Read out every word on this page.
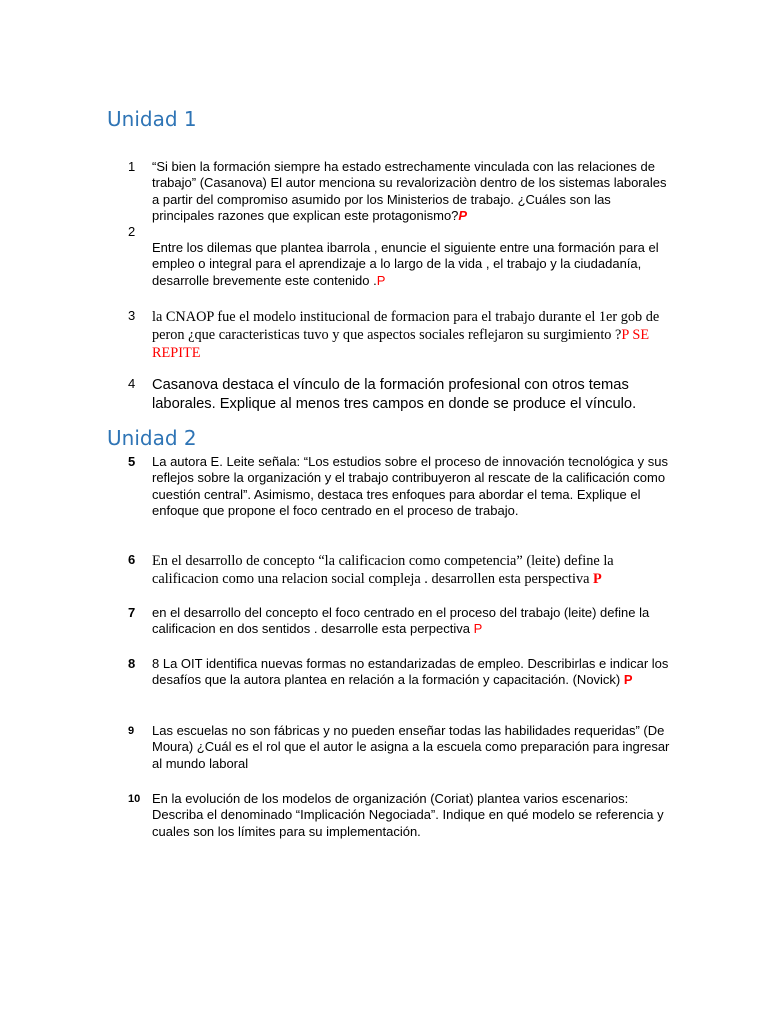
Unidad 1
1 “Si bien la formación siempre ha estado estrechamente vinculada con las relaciones de trabajo” (Casanova) El autor menciona su revalorizaciòn dentro de los sistemas laborales a partir del compromiso asumido por los Ministerios de trabajo. ¿Cuáles son las principales razones que explican este protagonismo?P
2
Entre los dilemas que plantea ibarrola , enuncie el siguiente entre una formación para el empleo o integral para el aprendizaje a lo largo de la vida , el trabajo y la ciudadanía, desarrolle brevemente este contenido .P
3 la CNAOP fue el modelo institucional de formacion para el trabajo durante el 1er gob de peron ¿que caracteristicas tuvo y que aspectos sociales reflejaron su surgimiento ?P SE REPITE
4 Casanova destaca el vínculo de la formación profesional con otros temas laborales. Explique al menos tres campos en donde se produce el vínculo.
Unidad 2
5 La autora E. Leite señala: “Los estudios sobre el proceso de innovación tecnológica y sus reflejos sobre la organización y el trabajo contribuyeron al rescate de la calificación como cuestión central”. Asimismo, destaca tres enfoques para abordar el tema. Explique el enfoque que propone el foco centrado en el proceso de trabajo.
6 En el desarrollo de concepto “la calificacion como competencia” (leite) define la calificacion como una relacion social compleja . desarrollen esta perspectiva P
7 en el desarrollo del concepto el foco centrado en el proceso del trabajo (leite) define la calificacion en dos sentidos . desarrolle esta perpectiva P
8 8 La OIT identifica nuevas formas no estandarizadas de empleo. Describirlas e indicar los desafíos que la autora plantea en relación a la formación y capacitación. (Novick) P
9 Las escuelas no son fábricas y no pueden enseñar todas las habilidades requeridas” (De Moura) ¿Cuál es el rol que el autor le asigna a la escuela como preparación para ingresar al mundo laboral
10 En la evolución de los modelos de organización (Coriat) plantea varios escenarios: Describa el denominado “Implicación Negociada”. Indique en qué modelo se referencia y cuales son los límites para su implementación.
